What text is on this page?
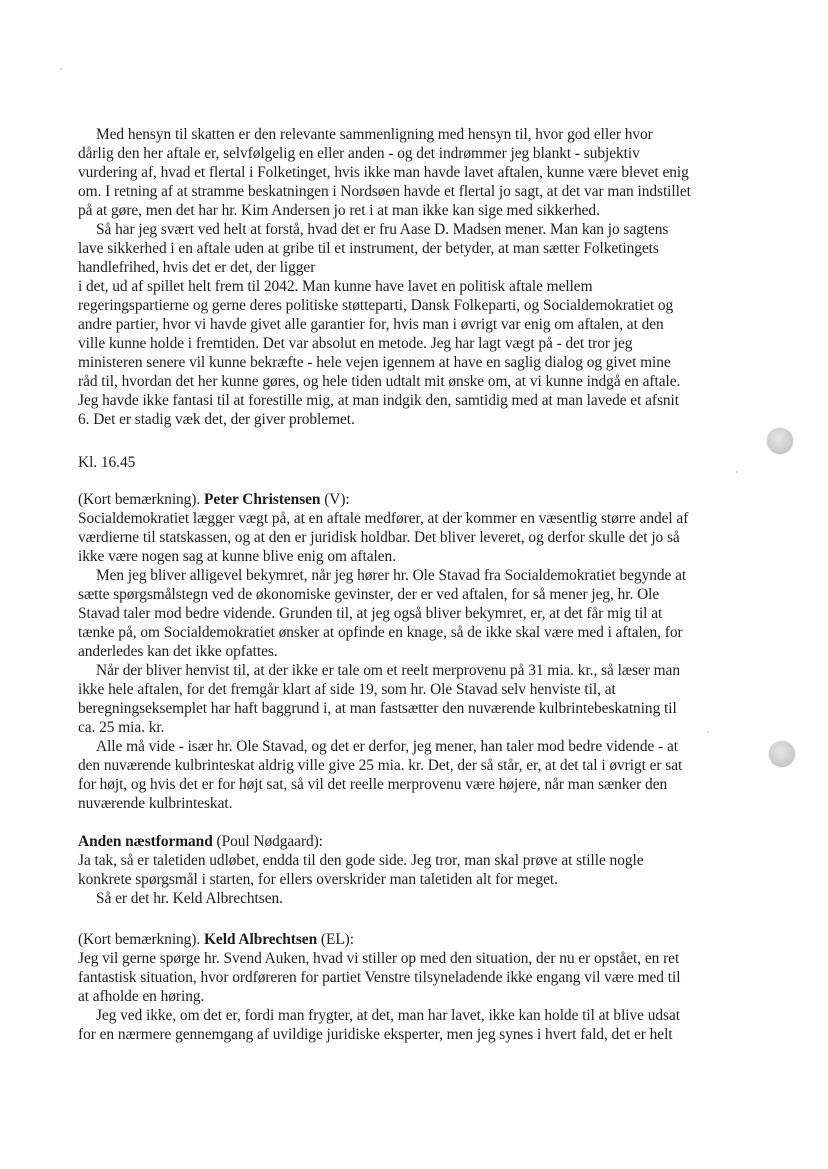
Med hensyn til skatten er den relevante sammenligning med hensyn til, hvor god eller hvor
dårlig den her aftale er, selvfølgelig en eller anden - og det indrømmer jeg blankt - subjektiv
vurdering af, hvad et flertal i Folketinget, hvis ikke man havde lavet aftalen, kunne være blevet enig
om. I retning af at stramme beskatningen i Nordsøen havde et flertal jo sagt, at det var man indstillet
på at gøre, men det har hr. Kim Andersen jo ret i at man ikke kan sige med sikkerhed.
Så har jeg svært ved helt at forstå, hvad det er fru Aase D. Madsen mener. Man kan jo sagtens
lave sikkerhed i en aftale uden at gribe til et instrument, der betyder, at man sætter Folketingets
handlefrihed, hvis det er det, der ligger
i det, ud af spillet helt frem til 2042. Man kunne have lavet en politisk aftale mellem
regeringspartierne og gerne deres politiske støtteparti, Dansk Folkeparti, og Socialdemokratiet og
andre partier, hvor vi havde givet alle garantier for, hvis man i øvrigt var enig om aftalen, at den
ville kunne holde i fremtiden. Det var absolut en metode. Jeg har lagt vægt på - det tror jeg
ministeren senere vil kunne bekræfte - hele vejen igennem at have en saglig dialog og givet mine
råd til, hvordan det her kunne gøres, og hele tiden udtalt mit ønske om, at vi kunne indgå en aftale.
Jeg havde ikke fantasi til at forestille mig, at man indgik den, samtidig med at man lavede et afsnit
6. Det er stadig væk det, der giver problemet.
Kl. 16.45
(Kort bemærkning). Peter Christensen (V):
Socialdemokratiet lægger vægt på, at en aftale medfører, at der kommer en væsentlig større andel af
værdierne til statskassen, og at den er juridisk holdbar. Det bliver leveret, og derfor skulle det jo så
ikke være nogen sag at kunne blive enig om aftalen.
Men jeg bliver alligevel bekymret, når jeg hører hr. Ole Stavad fra Socialdemokratiet begynde at
sætte spørgsmålstegn ved de økonomiske gevinster, der er ved aftalen, for så mener jeg, hr. Ole
Stavad taler mod bedre vidende. Grunden til, at jeg også bliver bekymret, er, at det får mig til at
tænke på, om Socialdemokratiet ønsker at opfinde en knage, så de ikke skal være med i aftalen, for
anderledes kan det ikke opfattes.
Når der bliver henvist til, at der ikke er tale om et reelt merprovenu på 31 mia. kr., så læser man
ikke hele aftalen, for det fremgår klart af side 19, som hr. Ole Stavad selv henviste til, at
beregningseksemplet har haft baggrund i, at man fastsætter den nuværende kulbrintebeskatning til
ca. 25 mia. kr.
Alle må vide - især hr. Ole Stavad, og det er derfor, jeg mener, han taler mod bedre vidende - at
den nuværende kulbrinteskat aldrig ville give 25 mia. kr. Det, der så står, er, at det tal i øvrigt er sat
for højt, og hvis det er for højt sat, så vil det reelle merprovenu være højere, når man sænker den
nuværende kulbrinteskat.
Anden næstformand (Poul Nødgaard):
Ja tak, så er taletiden udløbet, endda til den gode side. Jeg tror, man skal prøve at stille nogle
konkrete spørgsmål i starten, for ellers overskrider man taletiden alt for meget.
Så er det hr. Keld Albrechtsen.
(Kort bemærkning). Keld Albrechtsen (EL):
Jeg vil gerne spørge hr. Svend Auken, hvad vi stiller op med den situation, der nu er opstået, en ret
fantastisk situation, hvor ordføreren for partiet Venstre tilsyneladende ikke engang vil være med til
at afholde en høring.
Jeg ved ikke, om det er, fordi man frygter, at det, man har lavet, ikke kan holde til at blive udsat
for en nærmere gennemgang af uvildige juridiske eksperter, men jeg synes i hvert fald, det er helt
